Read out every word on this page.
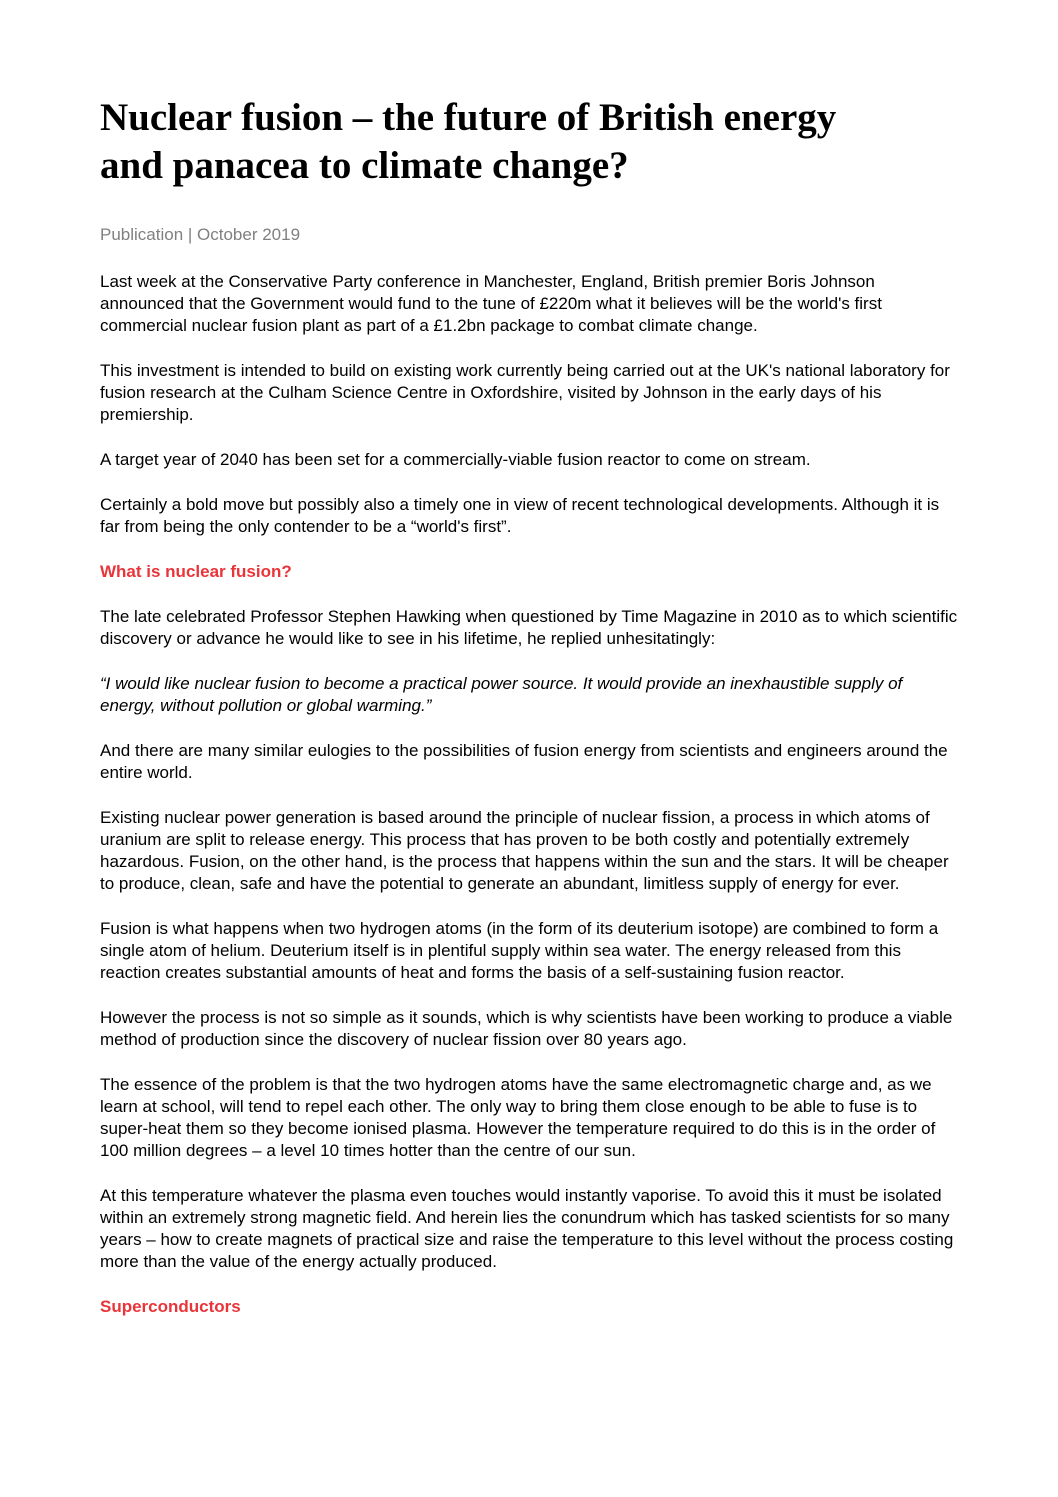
Nuclear fusion – the future of British energy
and panacea to climate change?
Publication | October 2019

Last week at the Conservative Party conference in Manchester, England, British premier Boris Johnson announced that the Government would fund to the tune of £220m what it believes will be the world's first commercial nuclear fusion plant as part of a £1.2bn package to combat climate change.

This investment is intended to build on existing work currently being carried out at the UK's national laboratory for fusion research at the Culham Science Centre in Oxfordshire, visited by Johnson in the early days of his premiership.

A target year of 2040 has been set for a commercially-viable fusion reactor to come on stream.

Certainly a bold move but possibly also a timely one in view of recent technological developments. Although it is far from being the only contender to be a “world's first”.

What is nuclear fusion?

The late celebrated Professor Stephen Hawking when questioned by Time Magazine in 2010 as to which scientific discovery or advance he would like to see in his lifetime, he replied unhesitatingly:

“I would like nuclear fusion to become a practical power source. It would provide an inexhaustible supply of energy, without pollution or global warming.”

And there are many similar eulogies to the possibilities of fusion energy from scientists and engineers around the entire world.

Existing nuclear power generation is based around the principle of nuclear fission, a process in which atoms of uranium are split to release energy. This process that has proven to be both costly and potentially extremely hazardous. Fusion, on the other hand, is the process that happens within the sun and the stars. It will be cheaper to produce, clean, safe and have the potential to generate an abundant, limitless supply of energy for ever.

Fusion is what happens when two hydrogen atoms (in the form of its deuterium isotope) are combined to form a single atom of helium. Deuterium itself is in plentiful supply within sea water. The energy released from this reaction creates substantial amounts of heat and forms the basis of a self-sustaining fusion reactor.

However the process is not so simple as it sounds, which is why scientists have been working to produce a viable method of production since the discovery of nuclear fission over 80 years ago.

The essence of the problem is that the two hydrogen atoms have the same electromagnetic charge and, as we learn at school, will tend to repel each other. The only way to bring them close enough to be able to fuse is to super-heat them so they become ionised plasma. However the temperature required to do this is in the order of 100 million degrees – a level 10 times hotter than the centre of our sun.

At this temperature whatever the plasma even touches would instantly vaporise. To avoid this it must be isolated within an extremely strong magnetic field. And herein lies the conundrum which has tasked scientists for so many years – how to create magnets of practical size and raise the temperature to this level without the process costing more than the value of the energy actually produced.

Superconductors
